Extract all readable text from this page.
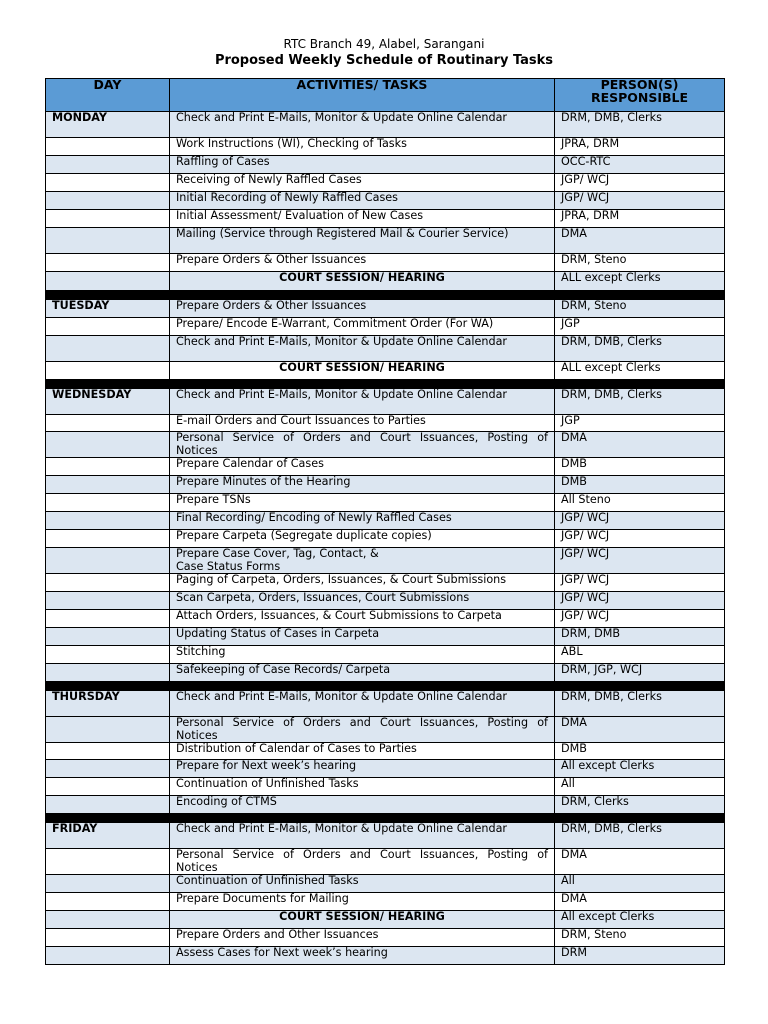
RTC Branch 49, Alabel, Sarangani
Proposed Weekly Schedule of Routinary Tasks
DAY	ACTIVITIES/ TASKS	PERSON(S) RESPONSIBLE
MONDAY	Check and Print E-Mails, Monitor & Update Online Calendar	DRM, DMB, Clerks
	Work Instructions (WI), Checking of Tasks	JPRA, DRM
	Raffling of Cases	OCC-RTC
	Receiving of Newly Raffled Cases	JGP/ WCJ
	Initial Recording of Newly Raffled Cases	JGP/ WCJ
	Initial Assessment/ Evaluation of New Cases	JPRA, DRM
	Mailing (Service through Registered Mail & Courier Service)	DMA
	Prepare Orders & Other Issuances	DRM, Steno
	COURT SESSION/ HEARING	ALL except Clerks

TUESDAY	Prepare Orders & Other Issuances	DRM, Steno
	Prepare/ Encode E-Warrant, Commitment Order (For WA)	JGP
	Check and Print E-Mails, Monitor & Update Online Calendar	DRM, DMB, Clerks
	COURT SESSION/ HEARING	ALL except Clerks

WEDNESDAY	Check and Print E-Mails, Monitor & Update Online Calendar	DRM, DMB, Clerks
	E-mail Orders and Court Issuances to Parties	JGP
	Personal Service of Orders and Court Issuances, Posting of Notices	DMA
	Prepare Calendar of Cases	DMB
	Prepare Minutes of the Hearing	DMB
	Prepare TSNs	All Steno
	Final Recording/ Encoding of Newly Raffled Cases	JGP/ WCJ
	Prepare Carpeta (Segregate duplicate copies)	JGP/ WCJ
	Prepare Case Cover, Tag, Contact, &
Case Status Forms	JGP/ WCJ
	Paging of Carpeta, Orders, Issuances, & Court Submissions	JGP/ WCJ
	Scan Carpeta, Orders, Issuances, Court Submissions	JGP/ WCJ
	Attach Orders, Issuances, & Court Submissions to Carpeta	JGP/ WCJ
	Updating Status of Cases in Carpeta	DRM, DMB
	Stitching	ABL
	Safekeeping of Case Records/ Carpeta	DRM, JGP, WCJ

THURSDAY	Check and Print E-Mails, Monitor & Update Online Calendar	DRM, DMB, Clerks
	Personal Service of Orders and Court Issuances, Posting of Notices	DMA
	Distribution of Calendar of Cases to Parties	DMB
	Prepare for Next week’s hearing	All except Clerks
	Continuation of Unfinished Tasks	All
	Encoding of CTMS	DRM, Clerks

FRIDAY	Check and Print E-Mails, Monitor & Update Online Calendar	DRM, DMB, Clerks
	Personal Service of Orders and Court Issuances, Posting of Notices	DMA
	Continuation of Unfinished Tasks	All
	Prepare Documents for Mailing	DMA
	COURT SESSION/ HEARING	All except Clerks
	Prepare Orders and Other Issuances	DRM, Steno
	Assess Cases for Next week’s hearing	DRM
